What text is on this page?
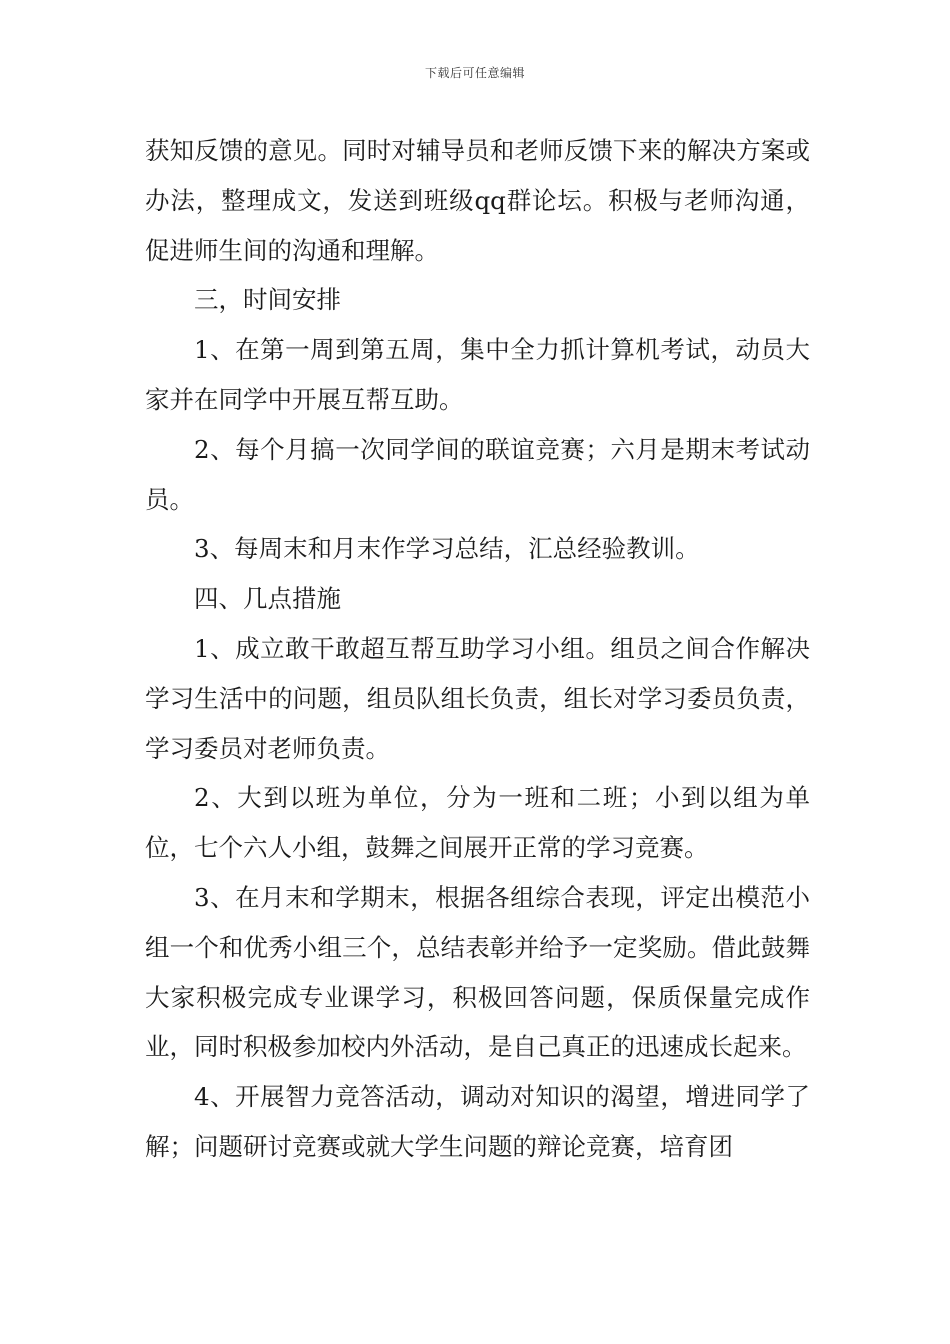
下载后可任意编辑

获知反馈的意见。同时对辅导员和老师反馈下来的解决方案或办法，整理成文，发送到班级qq群论坛。积极与老师沟通，促进师生间的沟通和理解。

三，时间安排

1、在第一周到第五周，集中全力抓计算机考试，动员大家并在同学中开展互帮互助。

2、每个月搞一次同学间的联谊竞赛；六月是期末考试动员。

3、每周末和月末作学习总结，汇总经验教训。

四、几点措施

1、成立敢干敢超互帮互助学习小组。组员之间合作解决学习生活中的问题，组员队组长负责，组长对学习委员负责，学习委员对老师负责。

2、大到以班为单位，分为一班和二班；小到以组为单位，七个六人小组，鼓舞之间展开正常的学习竞赛。

3、在月末和学期末，根据各组综合表现，评定出模范小组一个和优秀小组三个，总结表彰并给予一定奖励。借此鼓舞大家积极完成专业课学习，积极回答问题，保质保量完成作业，同时积极参加校内外活动，是自己真正的迅速成长起来。

4、开展智力竞答活动，调动对知识的渴望，增进同学了解；问题研讨竞赛或就大学生问题的辩论竞赛，培育团
